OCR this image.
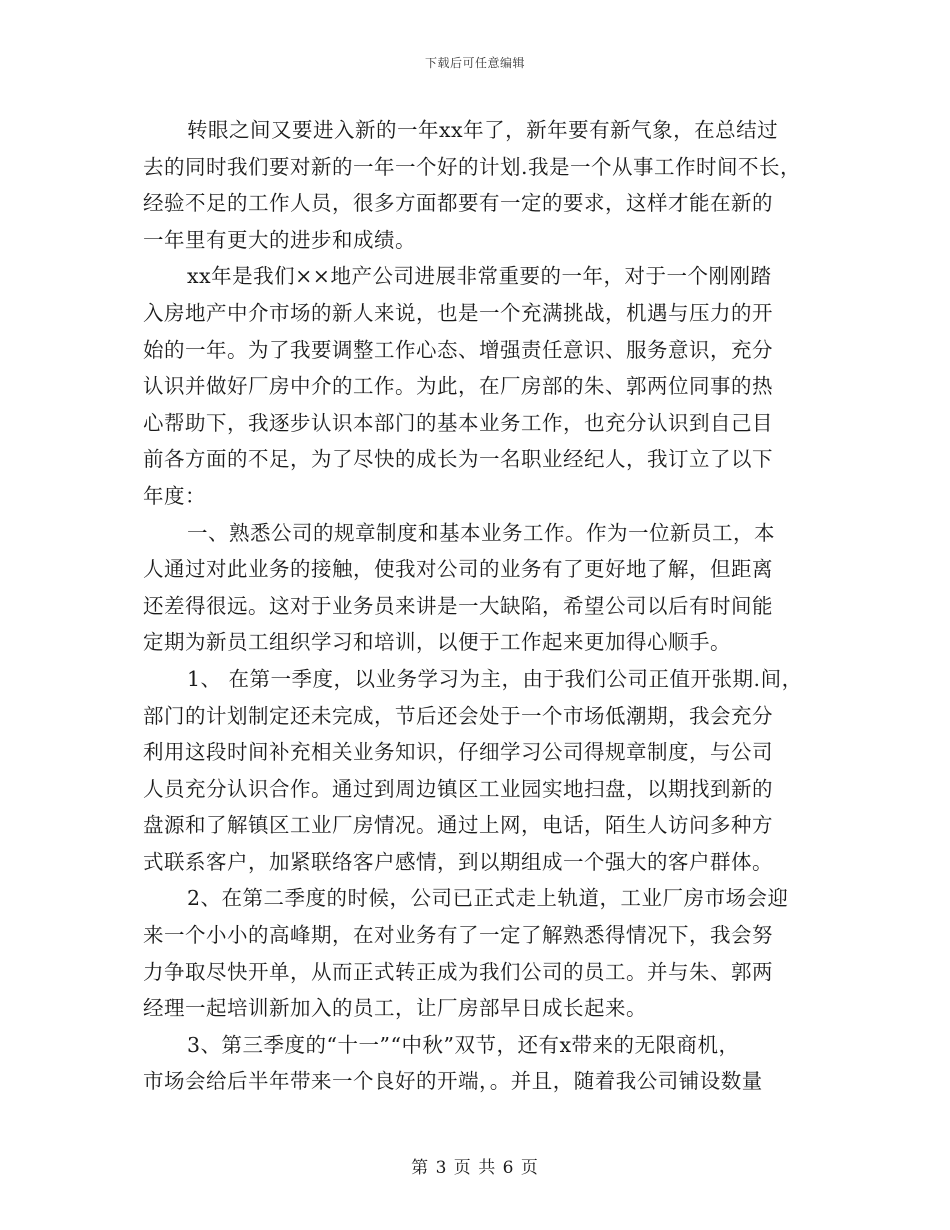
下载后可任意编辑

转眼之间又要进入新的一年xx年了，新年要有新气象，在总结过
去的同时我们要对新的一年一个好的计划.我是一个从事工作时间不长，
经验不足的工作人员，很多方面都要有一定的要求，这样才能在新的
一年里有更大的进步和成绩。

xx年是我们××地产公司进展非常重要的一年，对于一个刚刚踏
入房地产中介市场的新人来说，也是一个充满挑战，机遇与压力的开
始的一年。为了我要调整工作心态、增强责任意识、服务意识，充分
认识并做好厂房中介的工作。为此，在厂房部的朱、郭两位同事的热
心帮助下，我逐步认识本部门的基本业务工作，也充分认识到自己目
前各方面的不足，为了尽快的成长为一名职业经纪人，我订立了以下
年度：

一、熟悉公司的规章制度和基本业务工作。作为一位新员工，本
人通过对此业务的接触，使我对公司的业务有了更好地了解，但距离
还差得很远。这对于业务员来讲是一大缺陷，希望公司以后有时间能
定期为新员工组织学习和培训，以便于工作起来更加得心顺手。

1、 在第一季度，以业务学习为主，由于我们公司正值开张期.间，
部门的计划制定还未完成，节后还会处于一个市场低潮期，我会充分
利用这段时间补充相关业务知识，仔细学习公司得规章制度，与公司
人员充分认识合作。通过到周边镇区工业园实地扫盘，以期找到新的
盘源和了解镇区工业厂房情况。通过上网，电话，陌生人访问多种方
式联系客户，加紧联络客户感情，到以期组成一个强大的客户群体。

2、在第二季度的时候，公司已正式走上轨道，工业厂房市场会迎
来一个小小的高峰期，在对业务有了一定了解熟悉得情况下，我会努
力争取尽快开单，从而正式转正成为我们公司的员工。并与朱、郭两
经理一起培训新加入的员工，让厂房部早日成长起来。

3、第三季度的“十一”“中秋”双节，还有x带来的无限商机，
市场会给后半年带来一个良好的开端，。并且，随着我公司铺设数量

第 3 页 共 6 页
